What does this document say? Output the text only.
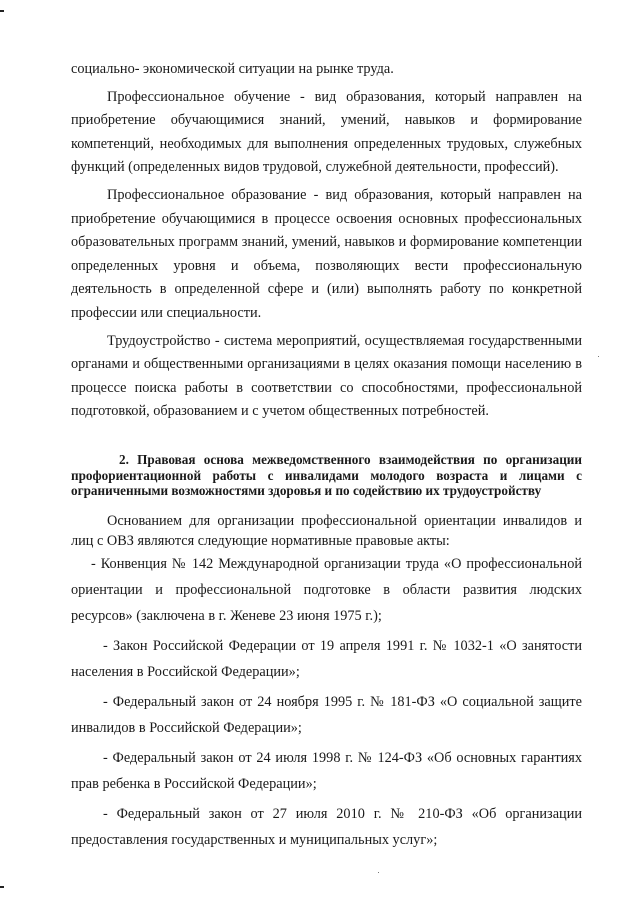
социально- экономической ситуации на рынке труда.

Профессиональное обучение - вид образования, который направлен на приобретение обучающимися знаний, умений, навыков и формирование компетенций, необходимых для выполнения определенных трудовых, служебных функций (определенных видов трудовой, служебной деятельности, профессий).

Профессиональное образование - вид образования, который направлен на приобретение обучающимися в процессе освоения основных профессиональных образовательных программ знаний, умений, навыков и формирование компетенции определенных уровня и объема, позволяющих вести профессиональную деятельность в определенной сфере и (или) выполнять работу по конкретной профессии или специальности.

Трудоустройство - система мероприятий, осуществляемая государственными органами и общественными организациями в целях оказания помощи населению в процессе поиска работы в соответствии со способностями, профессиональной подготовкой, образованием и с учетом общественных потребностей.

2. Правовая основа межведомственного взаимодействия по организации профориентационной работы с инвалидами молодого возраста и лицами с ограниченными возможностями здоровья и по содействию их трудоустройству

Основанием для организации профессиональной ориентации инвалидов и лиц с ОВЗ являются следующие нормативные правовые акты:

- Конвенция № 142 Международной организации труда «О профессиональной ориентации и профессиональной подготовке в области развития людских ресурсов» (заключена в г. Женеве 23 июня 1975 г.);

- Закон Российской Федерации от 19 апреля 1991 г. № 1032-1 «О занятости населения в Российской Федерации»;

- Федеральный закон от 24 ноября 1995 г. № 181-ФЗ «О социальной защите инвалидов в Российской Федерации»;

- Федеральный закон от 24 июля 1998 г. № 124-ФЗ «Об основных гарантиях прав ребенка в Российской Федерации»;

- Федеральный закон от 27 июля 2010 г. № 210-ФЗ «Об организации предоставления государственных и муниципальных услуг»;
